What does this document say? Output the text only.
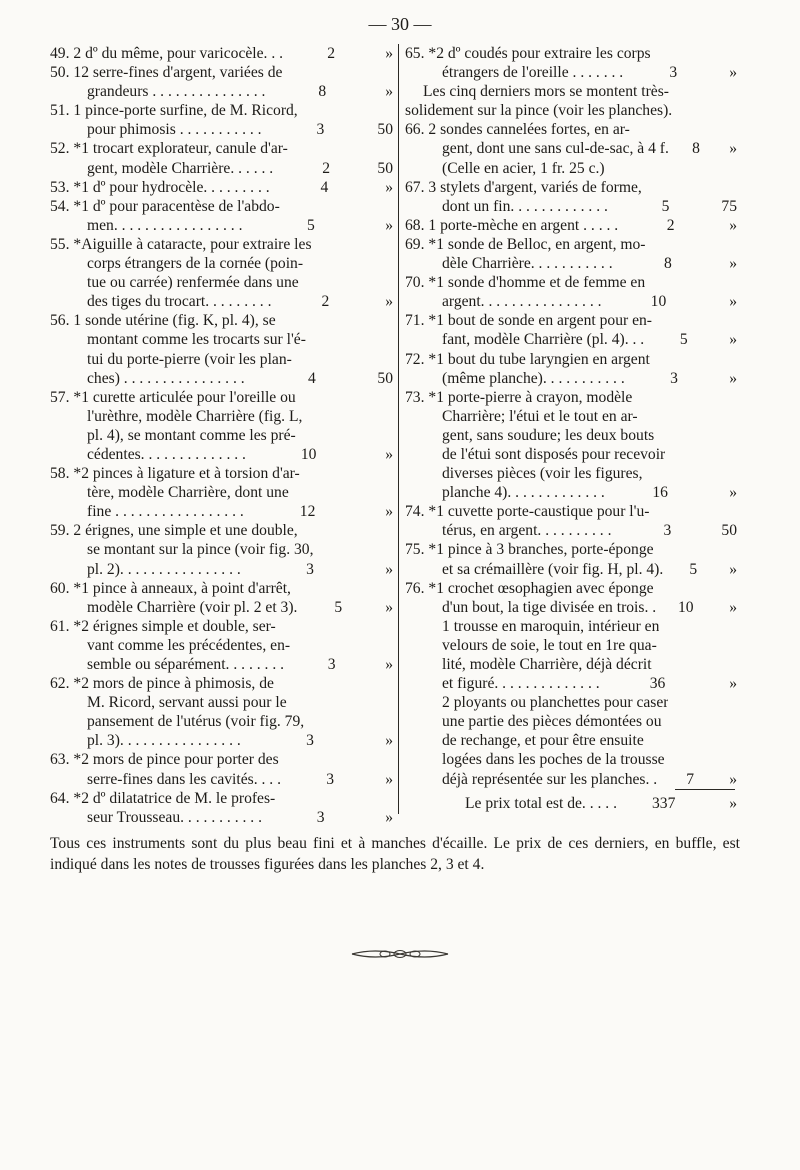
— 30 —
49. 2 dº du même, pour varicocèle. . .	2	»
50. 12 serre-fines d'argent, variées de
grandeurs . . . . . . . . . . . . . . .	8	»
51. 1 pince-porte surfine, de M. Ricord,
pour phimosis . . . . . . . . . . .	3	50
52. *1 trocart explorateur, canule d'ar-
gent, modèle Charrière. . . . . .	2	50
53. *1 dº pour hydrocèle. . . . . . . . .	4	»
54. *1 dº pour paracentèse de l'abdo-
men. . . . . . . . . . . . . . . . .	5	»
55. *Aiguille à cataracte, pour extraire les
corps étrangers de la cornée (poin-
tue ou carrée) renfermée dans une
des tiges du trocart. . . . . . . . .	2	»
56. 1 sonde utérine (fig. K, pl. 4), se
montant comme les trocarts sur l'é-
tui du porte-pierre (voir les plan-
ches) . . . . . . . . . . . . . . . .	4	50
57. *1 curette articulée pour l'oreille ou
l'urèthre, modèle Charrière (fig. L,
pl. 4), se montant comme les pré-
cédentes. . . . . . . . . . . . . .	10	»
58. *2 pinces à ligature et à torsion d'ar-
tère, modèle Charrière, dont une
fine . . . . . . . . . . . . . . . . .	12	»
59. 2 érignes, une simple et une double,
se montant sur la pince (voir fig. 30,
pl. 2). . . . . . . . . . . . . . . .	3	»
60. *1 pince à anneaux, à point d'arrêt,
modèle Charrière (voir pl. 2 et 3).	5	»
61. *2 érignes simple et double, ser-
vant comme les précédentes, en-
semble ou séparément. . . . . . . .	3	»
62. *2 mors de pince à phimosis, de
M. Ricord, servant aussi pour le
pansement de l'utérus (voir fig. 79,
pl. 3). . . . . . . . . . . . . . . .	3	»
63. *2 mors de pince pour porter des
serre-fines dans les cavités. . . .	3	»
64. *2 dº dilatatrice de M. le profes-
seur Trousseau. . . . . . . . . . .	3	»
65. *2 dº coudés pour extraire les corps
étrangers de l'oreille . . . . . . .	3	»
Les cinq derniers mors se montent très-solidement sur la pince (voir les planches).
66. 2 sondes cannelées fortes, en ar-
gent, dont une sans cul-de-sac, à 4 f.	8	»
(Celle en acier, 1 fr. 25 c.)
67. 3 stylets d'argent, variés de forme,
dont un fin. . . . . . . . . . . . .	5	75
68. 1 porte-mèche en argent . . . . .	2	»
69. *1 sonde de Belloc, en argent, mo-
dèle Charrière. . . . . . . . . . .	8	»
70. *1 sonde d'homme et de femme en
argent. . . . . . . . . . . . . . . .	10	»
71. *1 bout de sonde en argent pour en-
fant, modèle Charrière (pl. 4). . .	5	»
72. *1 bout du tube laryngien en argent
(même planche). . . . . . . . . . .	3	»
73. *1 porte-pierre à crayon, modèle
Charrière; l'étui et le tout en ar-
gent, sans soudure; les deux bouts
de l'étui sont disposés pour recevoir
diverses pièces (voir les figures,
planche 4). . . . . . . . . . . . .	16	»
74. *1 cuvette porte-caustique pour l'u-
térus, en argent. . . . . . . . . .	3	50
75. *1 pince à 3 branches, porte-éponge
et sa crémaillère (voir fig. H, pl. 4).	5	»
76. *1 crochet œsophagien avec éponge
d'un bout, la tige divisée en trois. .	10	»
1 trousse en maroquin, intérieur en
velours de soie, le tout en 1re qua-
lité, modèle Charrière, déjà décrit
et figuré. . . . . . . . . . . . . .	36	»
2 ployants ou planchettes pour caser
une partie des pièces démontées ou
de rechange, et pour être ensuite
logées dans les poches de la trousse
déjà représentée sur les planches. .	7	»
Le prix total est de. . . . . 337	»
Tous ces instruments sont du plus beau fini et à manches d'écaille. Le prix de ces derniers, en buffle, est indiqué dans les notes de trousses figurées dans les planches 2, 3 et 4.
